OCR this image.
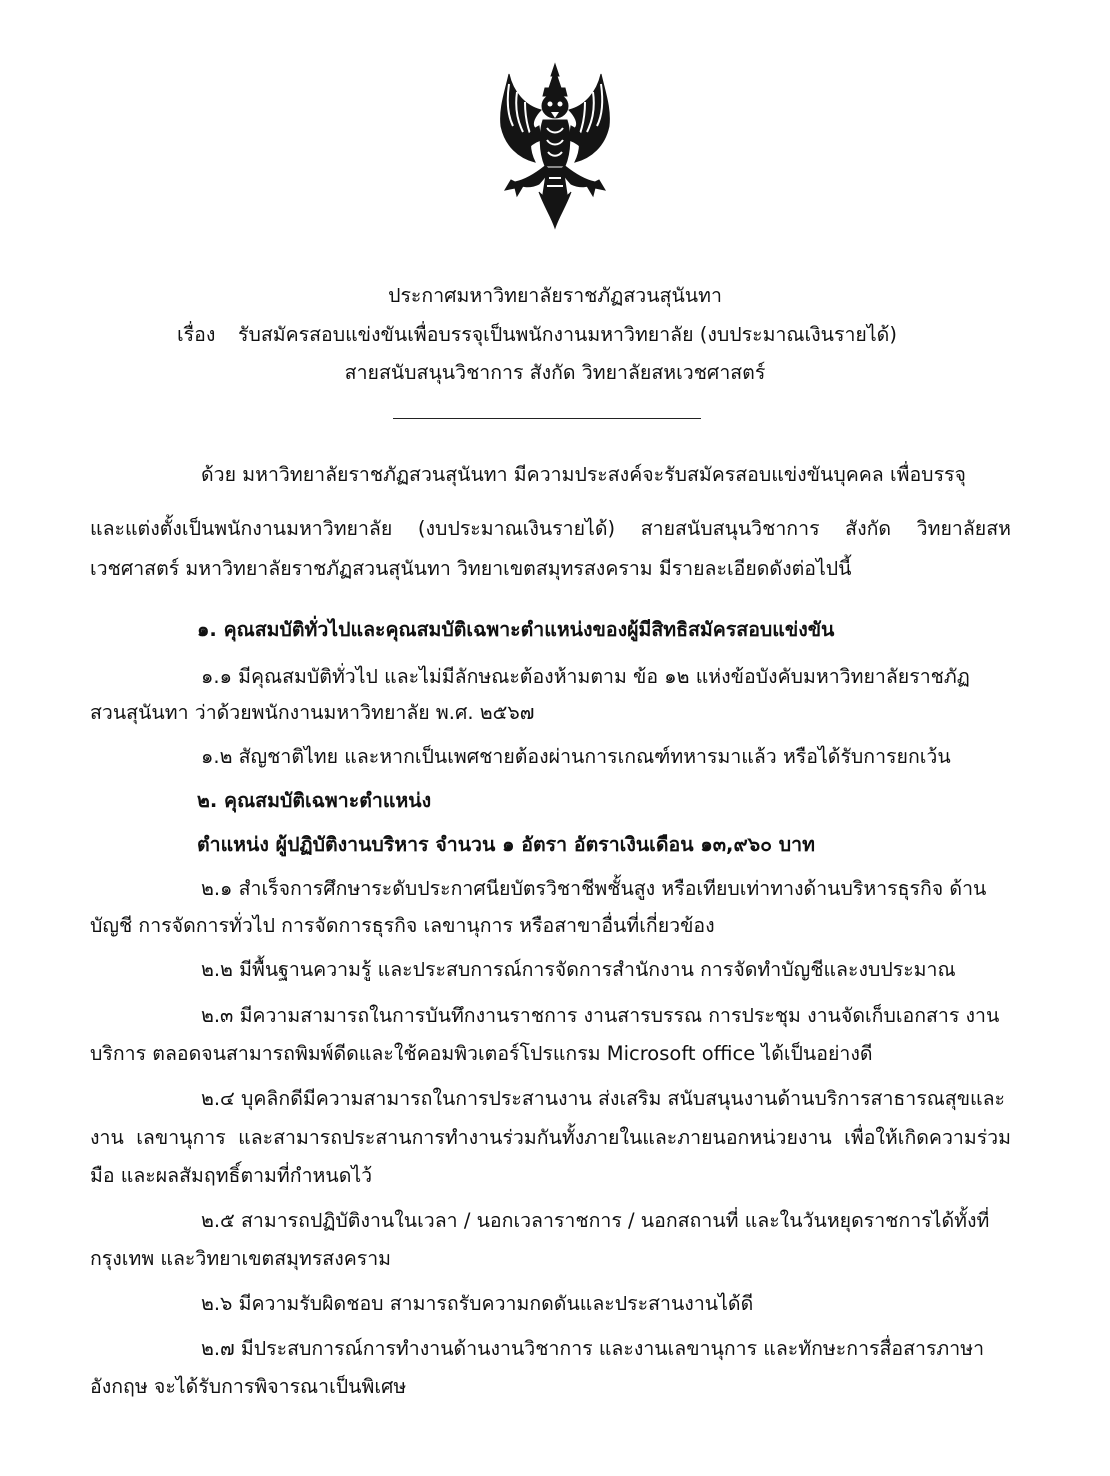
ประกาศมหาวิทยาลัยราชภัฏสวนสุนันทา
เรื่อง รับสมัครสอบแข่งขันเพื่อบรรจุเป็นพนักงานมหาวิทยาลัย (งบประมาณเงินรายได้)
สายสนับสนุนวิชาการ สังกัด วิทยาลัยสหเวชศาสตร์
ด้วย มหาวิทยาลัยราชภัฏสวนสุนันทา มีความประสงค์จะรับสมัครสอบแข่งขันบุคคล เพื่อบรรจุ
และแต่งตั้งเป็นพนักงานมหาวิทยาลัย (งบประมาณเงินรายได้) สายสนับสนุนวิชาการ สังกัด วิทยาลัยสห
เวชศาสตร์ มหาวิทยาลัยราชภัฏสวนสุนันทา วิทยาเขตสมุทรสงคราม มีรายละเอียดดังต่อไปนี้
๑. คุณสมบัติทั่วไปและคุณสมบัติเฉพาะตำแหน่งของผู้มีสิทธิสมัครสอบแข่งขัน
๑.๑ มีคุณสมบัติทั่วไป และไม่มีลักษณะต้องห้ามตาม ข้อ ๑๒ แห่งข้อบังคับมหาวิทยาลัยราชภัฏ
สวนสุนันทา ว่าด้วยพนักงานมหาวิทยาลัย พ.ศ. ๒๕๖๗
๑.๒ สัญชาติไทย และหากเป็นเพศชายต้องผ่านการเกณฑ์ทหารมาแล้ว หรือได้รับการยกเว้น
๒. คุณสมบัติเฉพาะตำแหน่ง
ตำแหน่ง ผู้ปฏิบัติงานบริหาร จำนวน ๑ อัตรา อัตราเงินเดือน ๑๓,๙๖๐ บาท
๒.๑ สำเร็จการศึกษาระดับประกาศนียบัตรวิชาชีพชั้นสูง หรือเทียบเท่าทางด้านบริหารธุรกิจ ด้าน
บัญชี การจัดการทั่วไป การจัดการธุรกิจ เลขานุการ หรือสาขาอื่นที่เกี่ยวข้อง
๒.๒ มีพื้นฐานความรู้ และประสบการณ์การจัดการสำนักงาน การจัดทำบัญชีและงบประมาณ
๒.๓ มีความสามารถในการบันทึกงานราชการ งานสารบรรณ การประชุม งานจัดเก็บเอกสาร งาน
บริการ ตลอดจนสามารถพิมพ์ดีดและใช้คอมพิวเตอร์โปรแกรม Microsoft office ได้เป็นอย่างดี
๒.๔ บุคลิกดีมีความสามารถในการประสานงาน ส่งเสริม สนับสนุนงานด้านบริการสาธารณสุขและ
งาน เลขานุการ และสามารถประสานการทำงานร่วมกันทั้งภายในและภายนอกหน่วยงาน เพื่อให้เกิดความร่วม
มือ และผลสัมฤทธิ์ตามที่กำหนดไว้
๒.๕ สามารถปฏิบัติงานในเวลา / นอกเวลาราชการ / นอกสถานที่ และในวันหยุดราชการได้ทั้งที่
กรุงเทพ และวิทยาเขตสมุทรสงคราม
๒.๖ มีความรับผิดชอบ สามารถรับความกดดันและประสานงานได้ดี
๒.๗ มีประสบการณ์การทำงานด้านงานวิชาการ และงานเลขานุการ และทักษะการสื่อสารภาษา
อังกฤษ จะได้รับการพิจารณาเป็นพิเศษ
